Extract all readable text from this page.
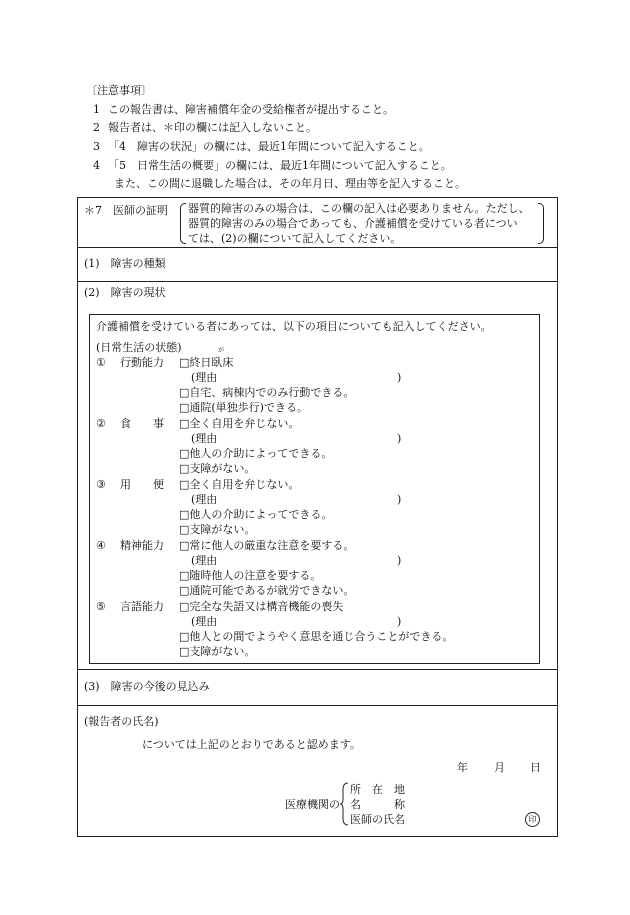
〔注意事項〕
1 この報告書は、障害補償年金の受給権者が提出すること。
2 報告者は、＊印の欄には記入しないこと。
3 「4　障害の状況」の欄には、最近1年間について記入すること。
4 「5　日常生活の概要」の欄には、最近1年間について記入すること。
また、この間に退職した場合は、その年月日、理由等を記入すること。
＊7　医師の証明 器質的障害のみの場合は、この欄の記入は必要ありません。ただし、
器質的障害のみの場合であっても、介護補償を受けている者につい
ては、(2)の欄について記入してください。
(1)　障害の種類
(2)　障害の現状
介護補償を受けている者にあっては、以下の項目についても記入してください。
(日常生活の状態)	が
① 行動能力 □終日臥床
(理由	)
□自宅、病棟内でのみ行動できる。
□通院(単独歩行)できる。
② 食　　事 □全く自用を弁じない。
(理由	)
□他人の介助によってできる。
□支障がない。
③ 用　　便 □全く自用を弁じない。
(理由	)
□他人の介助によってできる。
□支障がない。
④ 精神能力 □常に他人の厳重な注意を要する。
(理由	)
□随時他人の注意を要する。
□通院可能であるが就労できない。
⑤ 言語能力 □完全な失語又は構音機能の喪失
(理由	)
□他人との間でようやく意思を通じ合うことができる。
□支障がない。
(3)　障害の今後の見込み
(報告者の氏名)
については上記のとおりであると認めます。
年 月 日
医療機関の
所　在　地
名　　　称
医師の氏名	印
